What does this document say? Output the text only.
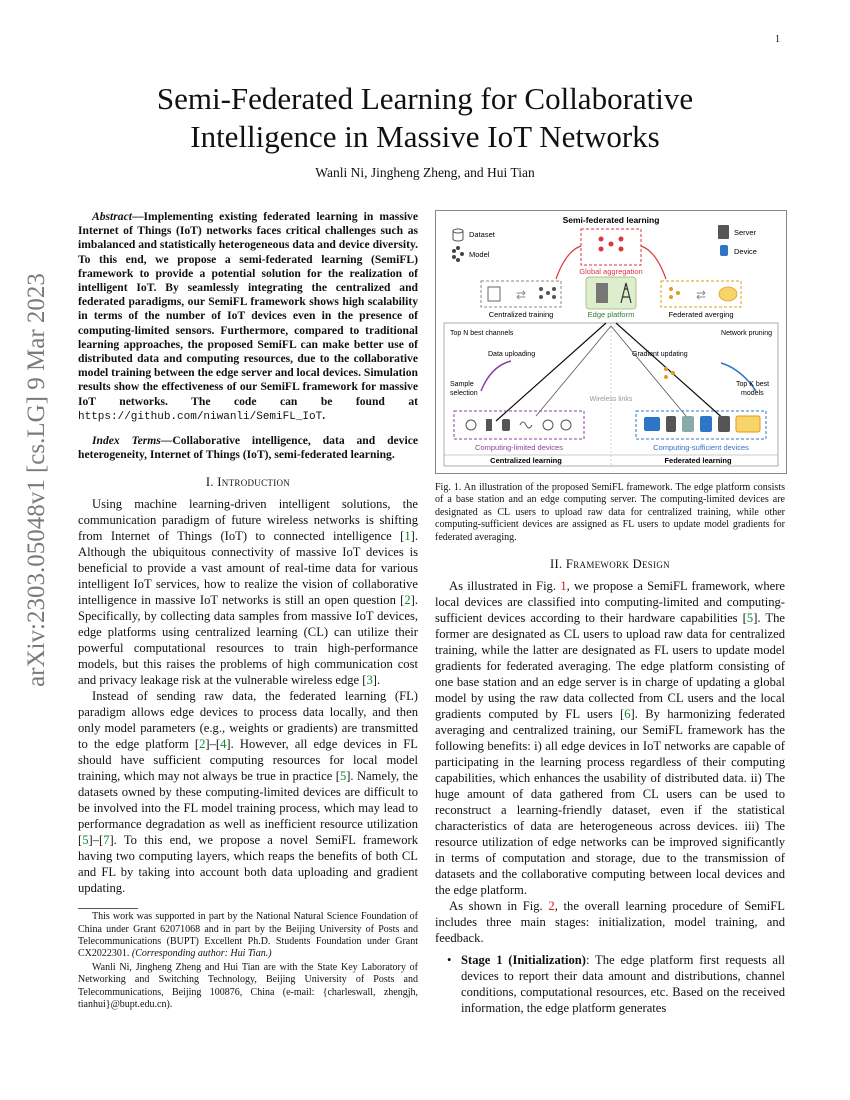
1
arXiv:2303.05048v1 [cs.LG] 9 Mar 2023
Semi-Federated Learning for Collaborative
Intelligence in Massive IoT Networks
Wanli Ni, Jingheng Zheng, and Hui Tian

Abstract—Implementing existing federated learning in massive Internet of Things (IoT) networks faces critical challenges such as imbalanced and statistically heterogeneous data and device diversity. To this end, we propose a semi-federated learning (SemiFL) framework to provide a potential solution for the realization of intelligent IoT. By seamlessly integrating the centralized and federated paradigms, our SemiFL framework shows high scalability in terms of the number of IoT devices even in the presence of computing-limited sensors. Furthermore, compared to traditional learning approaches, the proposed SemiFL can make better use of distributed data and computing resources, due to the collaborative model training between the edge server and local devices. Simulation results show the effectiveness of our SemiFL framework for massive IoT networks. The code can be found at https://github.com/niwanli/SemiFL_IoT.

Index Terms—Collaborative intelligence, data and device heterogeneity, Internet of Things (IoT), semi-federated learning.

I. Introduction

Using machine learning-driven intelligent solutions, the communication paradigm of future wireless networks is shifting from Internet of Things (IoT) to connected intelligence [1]. Although the ubiquitous connectivity of massive IoT devices is beneficial to provide a vast amount of real-time data for various intelligent IoT services, how to realize the vision of collaborative intelligence in massive IoT networks is still an open question [2]. Specifically, by collecting data samples from massive IoT devices, edge platforms using centralized learning (CL) can utilize their powerful computational resources to train high-performance models, but this raises the problems of high communication cost and privacy leakage risk at the vulnerable wireless edge [3].

Instead of sending raw data, the federated learning (FL) paradigm allows edge devices to process data locally, and then only model parameters (e.g., weights or gradients) are transmitted to the edge platform [2]–[4]. However, all edge devices in FL should have sufficient computing resources for local model training, which may not always be true in practice [5]. Namely, the datasets owned by these computing-limited devices are difficult to be involved into the FL model training process, which may lead to performance degradation as well as inefficient resource utilization [5]–[7]. To this end, we propose a novel SemiFL framework having two computing layers, which reaps the benefits of both CL and FL by taking into account both data uploading and gradient updating.

This work was supported in part by the National Natural Science Foundation of China under Grant 62071068 and in part by the Beijing University of Posts and Telecommunications (BUPT) Excellent Ph.D. Students Foundation under Grant CX2022301. (Corresponding author: Hui Tian.)

Wanli Ni, Jingheng Zheng and Hui Tian are with the State Key Laboratory of Networking and Switching Technology, Beijing University of Posts and Telecommunications, Beijing 100876, China (e-mail: {charleswall, zhengjh, tianhui}@bupt.edu.cn).

Semi-federated learning
Dataset
Model
Server
Device
Global aggregation
⇄
Centralized training	Edge platform
⇄
Federated averging
Top N best channels	Network pruning
Data uploading	Gradient updating
Sample
selection
Top K best
models
Wireless links
Computing-limited devices	Computing-sufficient devices
Centralized learning	Federated learning

Fig. 1. An illustration of the proposed SemiFL framework. The edge platform consists of a base station and an edge computing server. The computing-limited devices are designated as CL users to upload raw data for centralized training, while other computing-sufficient devices are assigned as FL users to update model gradients for federated averaging.

II. Framework Design

As illustrated in Fig. 1, we propose a SemiFL framework, where local devices are classified into computing-limited and computing-sufficient devices according to their hardware capabilities [5]. The former are designated as CL users to upload raw data for centralized training, while the latter are designated as FL users to update model gradients for federated averaging. The edge platform consisting of one base station and an edge server is in charge of updating a global model by using the raw data collected from CL users and the local gradients computed by FL users [6]. By harmonizing federated averaging and centralized training, our SemiFL framework has the following benefits: i) all edge devices in IoT networks are capable of participating in the learning process regardless of their computing capabilities, which enhances the usability of distributed data. ii) The huge amount of data gathered from CL users can be used to reconstruct a learning-friendly dataset, even if the statistical characteristics of data are heterogeneous across devices. iii) The resource utilization of edge networks can be improved significantly in terms of computation and storage, due to the transmission of datasets and the collaborative computing between local devices and the edge platform.

As shown in Fig. 2, the overall learning procedure of SemiFL includes three main stages: initialization, model training, and feedback.

• Stage 1 (Initialization): The edge platform first requests all devices to report their data amount and distributions, channel conditions, computational resources, etc. Based on the received information, the edge platform generates
